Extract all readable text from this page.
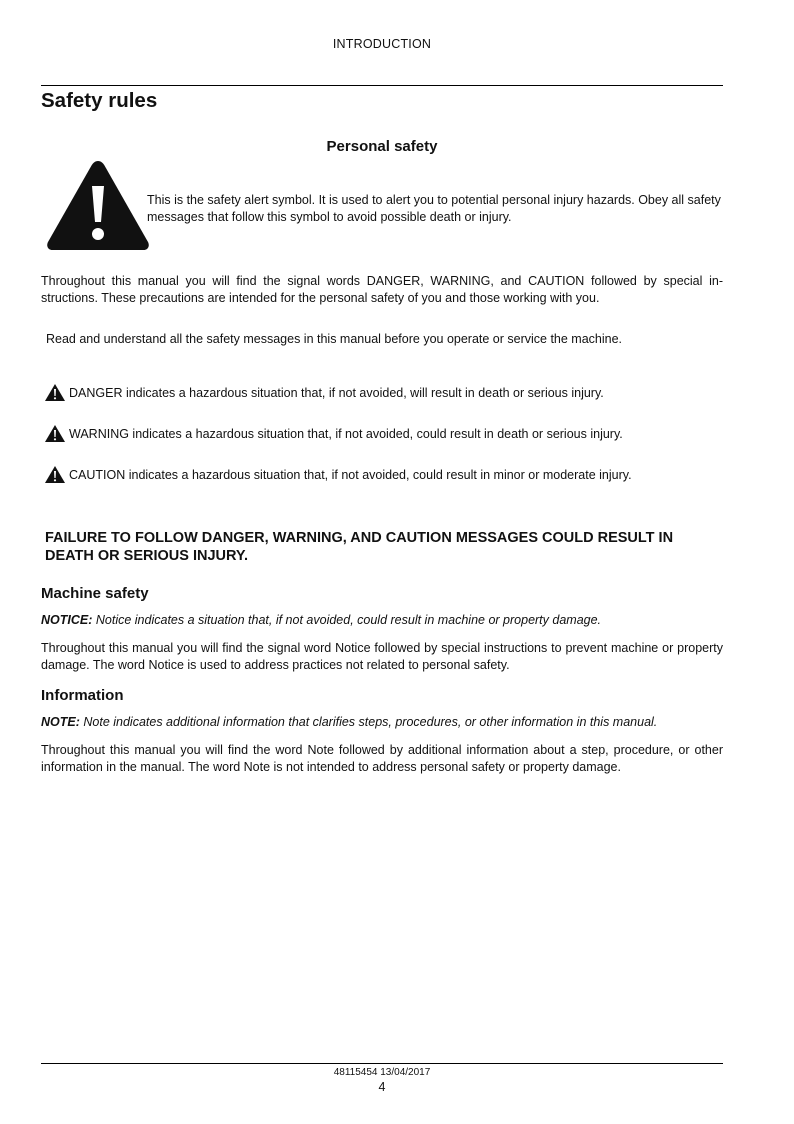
INTRODUCTION
Safety rules
Personal safety
This is the safety alert symbol. It is used to alert you to potential personal injury hazards. Obey all safety messages that follow this symbol to avoid possible death or injury.
Throughout this manual you will find the signal words DANGER, WARNING, and CAUTION followed by special in-structions. These precautions are intended for the personal safety of you and those working with you.
Read and understand all the safety messages in this manual before you operate or service the machine.
DANGER indicates a hazardous situation that, if not avoided, will result in death or serious injury.
WARNING indicates a hazardous situation that, if not avoided, could result in death or serious injury.
CAUTION indicates a hazardous situation that, if not avoided, could result in minor or moderate injury.
FAILURE TO FOLLOW DANGER, WARNING, AND CAUTION MESSAGES COULD RESULT IN DEATH OR SERIOUS INJURY.
Machine safety
NOTICE: Notice indicates a situation that, if not avoided, could result in machine or property damage.
Throughout this manual you will find the signal word Notice followed by special instructions to prevent machine or property damage. The word Notice is used to address practices not related to personal safety.
Information
NOTE: Note indicates additional information that clarifies steps, procedures, or other information in this manual.
Throughout this manual you will find the word Note followed by additional information about a step, procedure, or other information in the manual. The word Note is not intended to address personal safety or property damage.
48115454 13/04/2017
4
